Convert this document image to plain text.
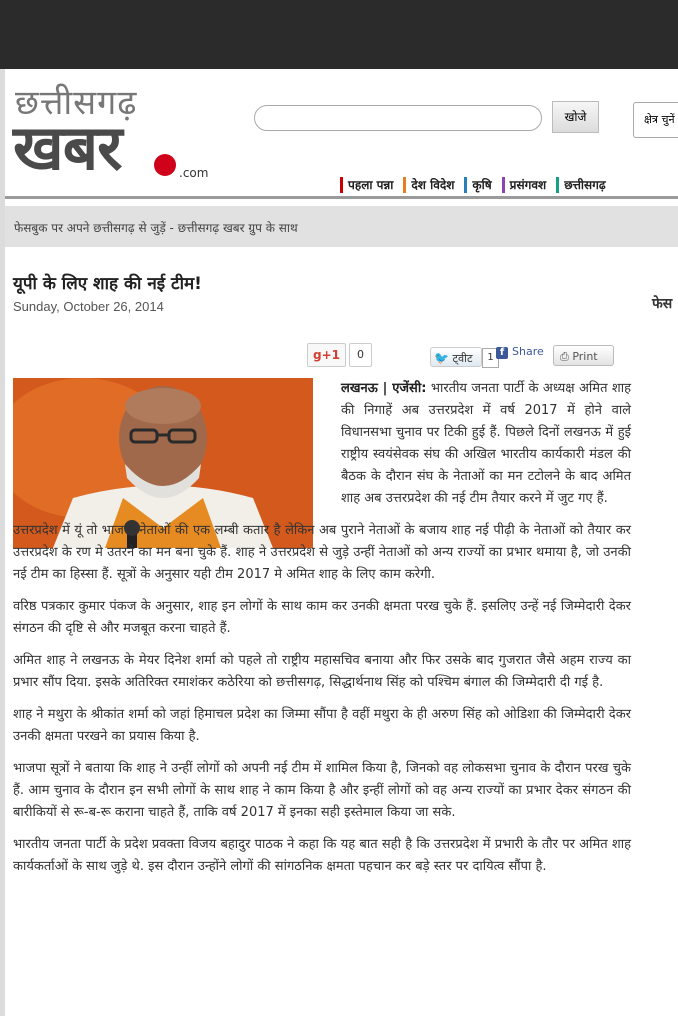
छत्तीसगढ़
खबर	.com
खोजे	क्षेत्र चुनें
पहला पन्ना देश विदेश कृषि प्रसंगवश छत्तीसगढ़
फेसबुक पर अपने छत्तीसगढ़ से जुड़ें - छत्तीसगढ़ खबर ग्रुप के साथ
यूपी के लिए शाह की नई टीम!
Sunday, October 26, 2014	फेस
g+1	0	🐦 ट्वीट	1 f Share	⎙ Print

लखनऊ | एजेंसी: भारतीय जनता पार्टी के अध्यक्ष अमित शाह की निगाहें अब उत्तरप्रदेश में वर्ष 2017 में होने वाले विधानसभा चुनाव पर टिकी हुई हैं. पिछले दिनों लखनऊ में हुई राष्ट्रीय स्वयंसेवक संघ की अखिल भारतीय कार्यकारी मंडल की बैठक के दौरान संघ के नेताओं का मन टटोलने के बाद अमित शाह अब उत्तरप्रदेश की नई टीम तैयार करने में जुट गए हैं.

उत्तरप्रदेश में यूं तो भाजपा नेताओं की एक लम्बी कतार है लेकिन अब पुराने नेताओं के बजाय शाह नई पीढ़ी के नेताओं को तैयार कर उत्तरप्रदेश के रण मे उतरने का मन बना चुके हैं. शाह ने उत्तरप्रदेश से जुड़े उन्हीं नेताओं को अन्य राज्यों का प्रभार थमाया है, जो उनकी नई टीम का हिस्सा हैं. सूत्रों के अनुसार यही टीम 2017 मे अमित शाह के लिए काम करेगी.

वरिष्ठ पत्रकार कुमार पंकज के अनुसार, शाह इन लोगों के साथ काम कर उनकी क्षमता परख चुके हैं. इसलिए उन्हें नई जिम्मेदारी देकर संगठन की दृष्टि से और मजबूत करना चाहते हैं.

अमित शाह ने लखनऊ के मेयर दिनेश शर्मा को पहले तो राष्ट्रीय महासचिव बनाया और फिर उसके बाद गुजरात जैसे अहम राज्य का प्रभार सौंप दिया. इसके अतिरिक्त रमाशंकर कठेरिया को छत्तीसगढ़, सिद्धार्थनाथ सिंह को पश्चिम बंगाल की जिम्मेदारी दी गई है.

शाह ने मथुरा के श्रीकांत शर्मा को जहां हिमाचल प्रदेश का जिम्मा सौंपा है वहीं मथुरा के ही अरुण सिंह को ओडिशा की जिम्मेदारी देकर उनकी क्षमता परखने का प्रयास किया है.

भाजपा सूत्रों ने बताया कि शाह ने उन्हीं लोगों को अपनी नई टीम में शामिल किया है, जिनको वह लोकसभा चुनाव के दौरान परख चुके हैं. आम चुनाव के दौरान इन सभी लोगों के साथ शाह ने काम किया है और इन्हीं लोगों को वह अन्य राज्यों का प्रभार देकर संगठन की बारीकियों से रू-ब-रू कराना चाहते हैं, ताकि वर्ष 2017 में इनका सही इस्तेमाल किया जा सके.

भारतीय जनता पार्टी के प्रदेश प्रवक्ता विजय बहादुर पाठक ने कहा कि यह बात सही है कि उत्तरप्रदेश में प्रभारी के तौर पर अमित शाह कार्यकर्ताओं के साथ जुड़े थे. इस दौरान उन्होंने लोगों की सांगठनिक क्षमता पहचान कर बड़े स्तर पर दायित्व सौंपा है.
